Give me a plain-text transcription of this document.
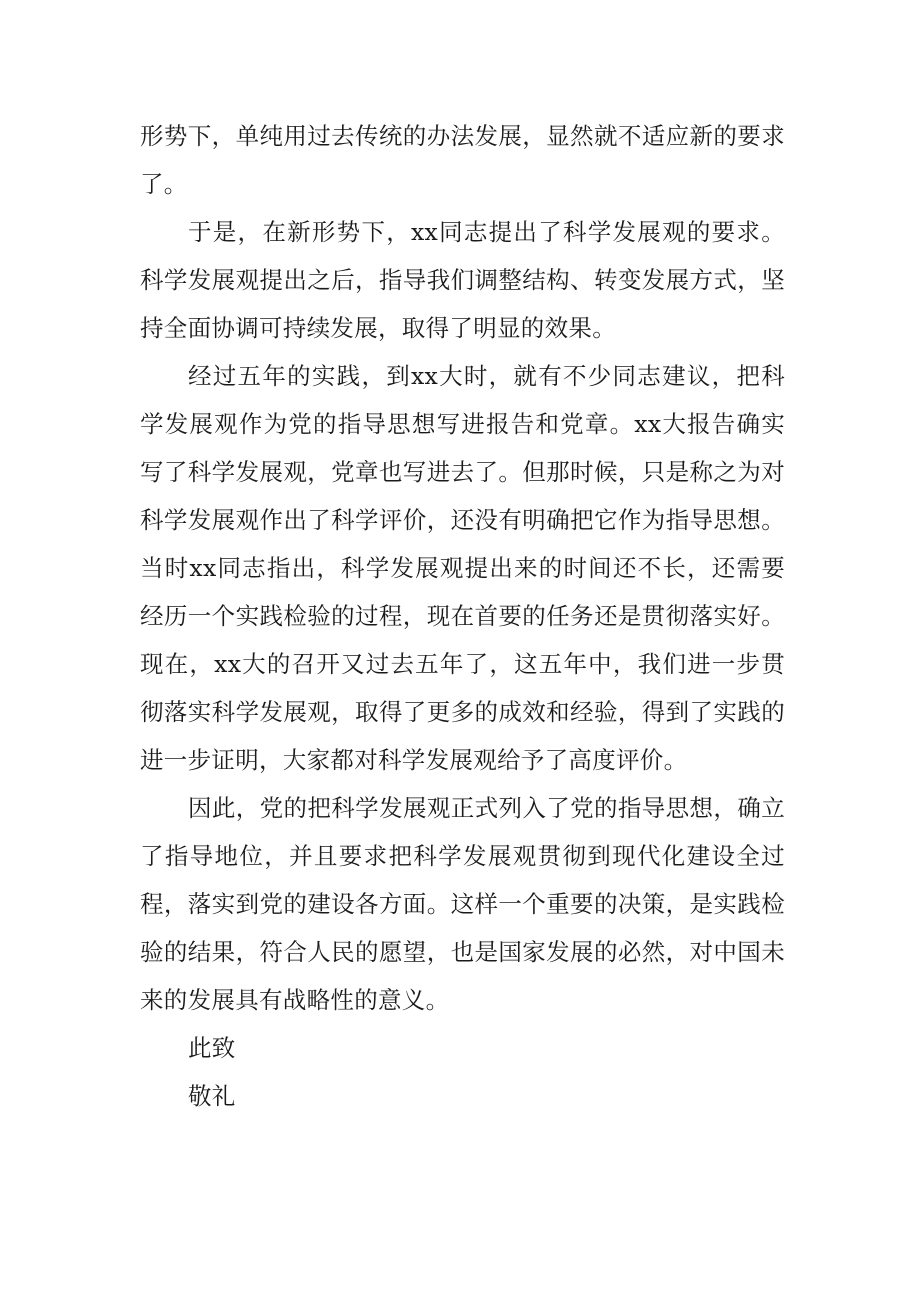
形势下，单纯用过去传统的办法发展，显然就不适应新的要求了。

于是，在新形势下，xx同志提出了科学发展观的要求。科学发展观提出之后，指导我们调整结构、转变发展方式，坚持全面协调可持续发展，取得了明显的效果。

经过五年的实践，到xx大时，就有不少同志建议，把科学发展观作为党的指导思想写进报告和党章。xx大报告确实写了科学发展观，党章也写进去了。但那时候，只是称之为对科学发展观作出了科学评价，还没有明确把它作为指导思想。当时xx同志指出，科学发展观提出来的时间还不长，还需要经历一个实践检验的过程，现在首要的任务还是贯彻落实好。现在，xx大的召开又过去五年了，这五年中，我们进一步贯彻落实科学发展观，取得了更多的成效和经验，得到了实践的进一步证明，大家都对科学发展观给予了高度评价。

因此，党的把科学发展观正式列入了党的指导思想，确立了指导地位，并且要求把科学发展观贯彻到现代化建设全过程，落实到党的建设各方面。这样一个重要的决策，是实践检验的结果，符合人民的愿望，也是国家发展的必然，对中国未来的发展具有战略性的意义。

此致

敬礼
